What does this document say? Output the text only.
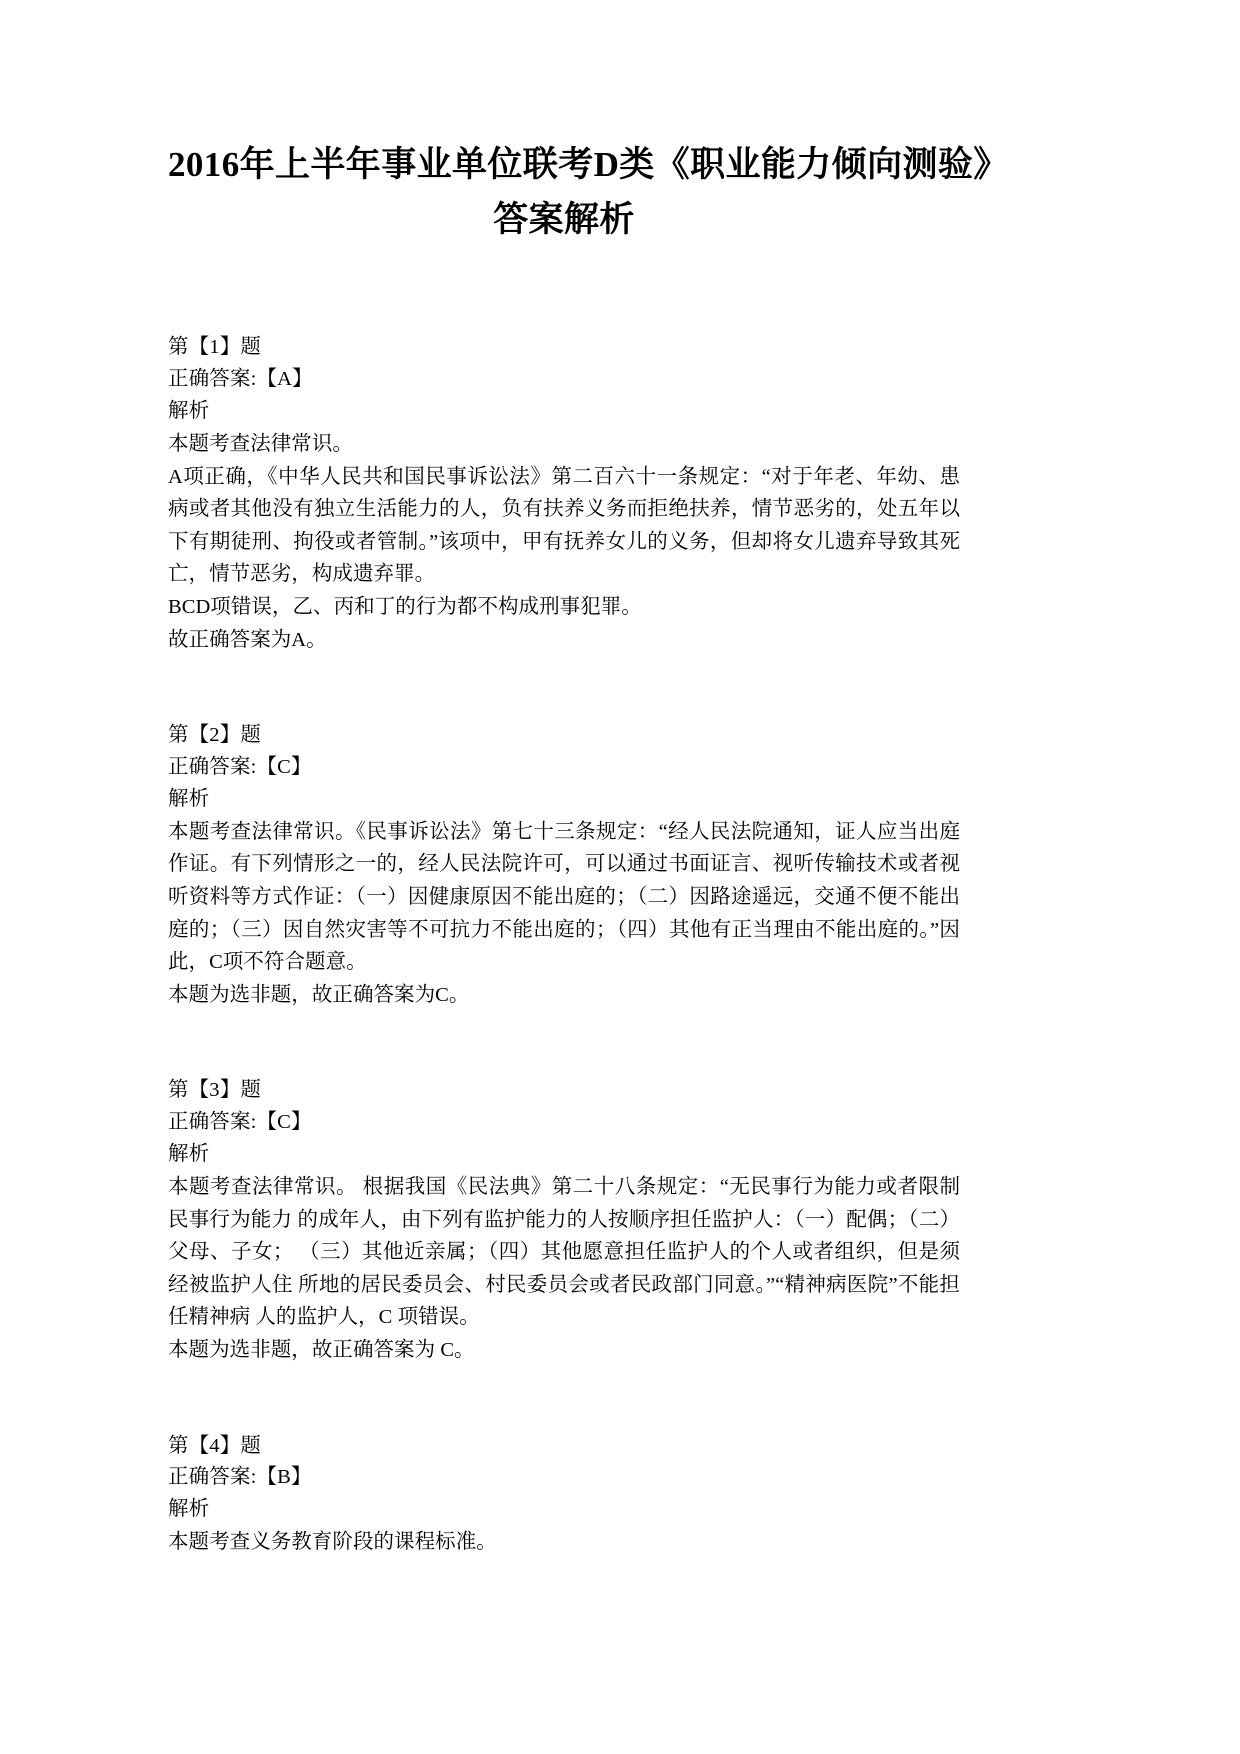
2016年上半年事业单位联考D类《职业能力倾向测验》
答案解析
第【1】题
正确答案:【A】
解析

本题考查法律常识。

A项正确，《中华人民共和国民事诉讼法》第二百六十一条规定：“对于年老、年幼、患病或者其他没有独立生活能力的人，负有扶养义务而拒绝扶养，情节恶劣的，处五年以下有期徒刑、拘役或者管制。”该项中，甲有抚养女儿的义务，但却将女儿遗弃导致其死亡，情节恶劣，构成遗弃罪。

BCD项错误，乙、丙和丁的行为都不构成刑事犯罪。

故正确答案为A。

第【2】题
正确答案:【C】
解析

本题考查法律常识。《民事诉讼法》第七十三条规定：“经人民法院通知，证人应当出庭作证。有下列情形之一的，经人民法院许可，可以通过书面证言、视听传输技术或者视听资料等方式作证：（一）因健康原因不能出庭的；（二）因路途遥远，交通不便不能出庭的；（三）因自然灾害等不可抗力不能出庭的；（四）其他有正当理由不能出庭的。”因此，C项不符合题意。

本题为选非题，故正确答案为C。

第【3】题
正确答案:【C】
解析

本题考查法律常识。 根据我国《民法典》第二十八条规定：“无民事行为能力或者限制民事行为能力 的成年人，由下列有监护能力的人按顺序担任监护人：（一）配偶；（二）父母、子女； （三）其他近亲属；（四）其他愿意担任监护人的个人或者组织，但是须经被监护人住 所地的居民委员会、村民委员会或者民政部门同意。”“精神病医院”不能担任精神病 人的监护人，C 项错误。

本题为选非题，故正确答案为 C。

第【4】题
正确答案:【B】
解析

本题考查义务教育阶段的课程标准。
